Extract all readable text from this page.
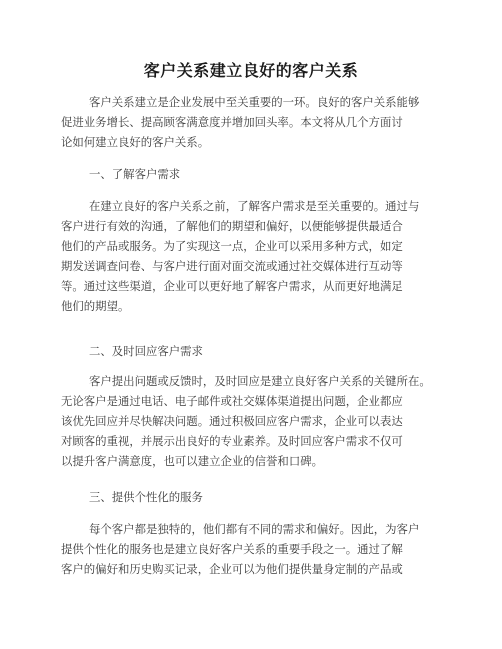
客户关系建立良好的客户关系
客户关系建立是企业发展中至关重要的一环。良好的客户关系能够
促进业务增长、提高顾客满意度并增加回头率。本文将从几个方面讨
论如何建立良好的客户关系。
一、了解客户需求
在建立良好的客户关系之前，了解客户需求是至关重要的。通过与
客户进行有效的沟通，了解他们的期望和偏好，以便能够提供最适合
他们的产品或服务。为了实现这一点，企业可以采用多种方式，如定
期发送调查问卷、与客户进行面对面交流或通过社交媒体进行互动等
等。通过这些渠道，企业可以更好地了解客户需求，从而更好地满足
他们的期望。
二、及时回应客户需求
客户提出问题或反馈时，及时回应是建立良好客户关系的关键所在。
无论客户是通过电话、电子邮件或社交媒体渠道提出问题，企业都应
该优先回应并尽快解决问题。通过积极回应客户需求，企业可以表达
对顾客的重视，并展示出良好的专业素养。及时回应客户需求不仅可
以提升客户满意度，也可以建立企业的信誉和口碑。
三、提供个性化的服务
每个客户都是独特的，他们都有不同的需求和偏好。因此，为客户
提供个性化的服务也是建立良好客户关系的重要手段之一。通过了解
客户的偏好和历史购买记录，企业可以为他们提供量身定制的产品或
